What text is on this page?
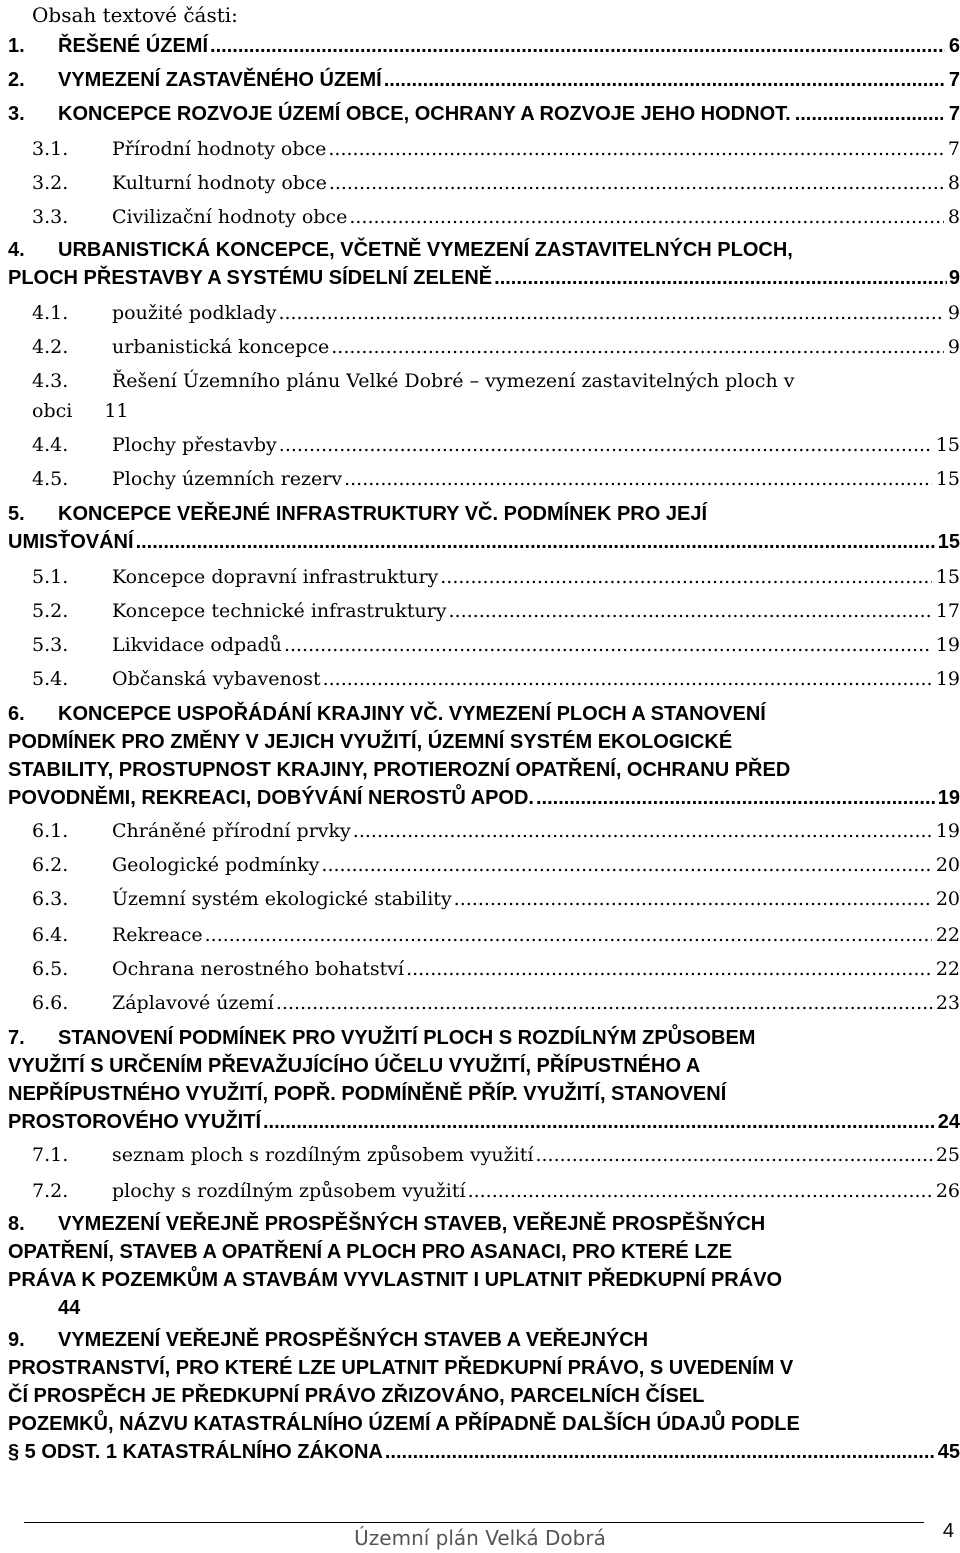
Obsah textové části:
1.	ŘEŠENÉ ÚZEMÍ .....	6
2.	VYMEZENÍ ZASTAVĚNÉHO ÚZEMÍ .....	7
3.	KONCEPCE ROZVOJE ÚZEMÍ OBCE, OCHRANY A ROZVOJE JEHO HODNOT. .....	7
3.1.	Přírodní hodnoty obce .....	7
3.2.	Kulturní hodnoty obce .....	8
3.3.	Civilizační hodnoty obce .....	8
4.	URBANISTICKÁ KONCEPCE, VČETNĚ VYMEZENÍ ZASTAVITELNÝCH PLOCH,
PLOCH PŘESTAVBY A SYSTÉMU SÍDELNÍ ZELENĚ .....	9
4.1.	použité podklady .....	9
4.2.	urbanistická koncepce .....	9
4.3.	Řešení Územního plánu Velké Dobré – vymezení zastavitelných ploch v
obci	11
4.4.	Plochy přestavby .....	15
4.5.	Plochy územních rezerv .....	15
5.	KONCEPCE VEŘEJNÉ INFRASTRUKTURY VČ. PODMÍNEK PRO JEJÍ
UMISŤOVÁNÍ .....	15
5.1.	Koncepce dopravní infrastruktury .....	15
5.2.	Koncepce technické infrastruktury .....	17
5.3.	Likvidace odpadů .....	19
5.4.	Občanská vybavenost .....	19
6.	KONCEPCE USPOŘÁDÁNÍ KRAJINY VČ. VYMEZENÍ PLOCH A STANOVENÍ
PODMÍNEK PRO ZMĚNY V JEJICH VYUŽITÍ, ÚZEMNÍ SYSTÉM EKOLOGICKÉ
STABILITY, PROSTUPNOST KRAJINY, PROTIEROZNÍ OPATŘENÍ, OCHRANU PŘED
POVODNĚMI, REKREACI, DOBÝVÁNÍ NEROSTŮ APOD. .....	19
6.1.	Chráněné přírodní prvky .....	19
6.2.	Geologické podmínky .....	20
6.3.	Územní systém ekologické stability .....	20
6.4.	Rekreace .....	22
6.5.	Ochrana nerostného bohatství .....	22
6.6.	Záplavové území .....	23
7.	STANOVENÍ PODMÍNEK PRO VYUŽITÍ PLOCH S ROZDÍLNÝM ZPŮSOBEM
VYUŽITÍ S URČENÍM PŘEVAŽUJÍCÍHO ÚČELU VYUŽITÍ, PŘÍPUSTNÉHO A
NEPŘÍPUSTNÉHO VYUŽITÍ, POPŘ. PODMÍNĚNĚ PŘÍP. VYUŽITÍ, STANOVENÍ
PROSTOROVÉHO VYUŽITÍ .....	24
7.1.	seznam ploch s rozdílným způsobem využití .....	25
7.2.	plochy s rozdílným způsobem využití .....	26
8.	VYMEZENÍ VEŘEJNĚ PROSPĚŠNÝCH STAVEB, VEŘEJNĚ PROSPĚŠNÝCH
OPATŘENÍ, STAVEB A OPATŘENÍ A PLOCH PRO ASANACI, PRO KTERÉ LZE
PRÁVA K POZEMKŮM A STAVBÁM VYVLASTNIT I UPLATNIT PŘEDKUPNÍ PRÁVO
44
9.	VYMEZENÍ VEŘEJNĚ PROSPĚŠNÝCH STAVEB A VEŘEJNÝCH
PROSTRANSTVÍ, PRO KTERÉ LZE UPLATNIT PŘEDKUPNÍ PRÁVO, S UVEDENÍM V
ČÍ PROSPĚCH JE PŘEDKUPNÍ PRÁVO ZŘIZOVÁNO, PARCELNÍCH ČÍSEL
POZEMKŮ, NÁZVU KATASTRÁLNÍHO ÚZEMÍ A PŘÍPADNĚ DALŠÍCH ÚDAJŮ PODLE
§ 5 ODST. 1 KATASTRÁLNÍHO ZÁKONA .....	45
Územní plán Velká Dobrá	4
